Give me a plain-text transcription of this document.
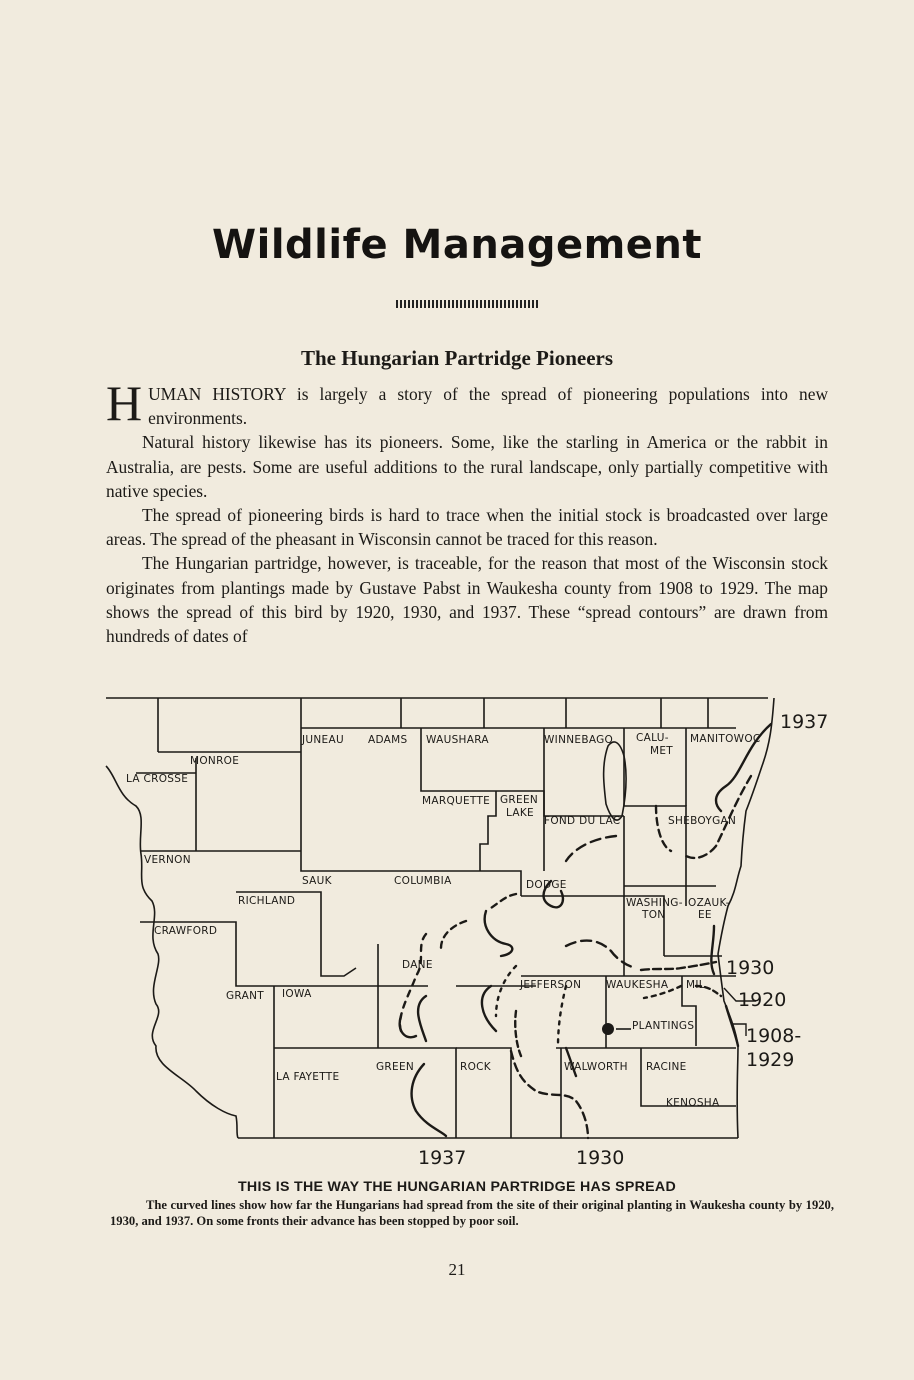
Wildlife Management
The Hungarian Partridge Pioneers

HUMAN HISTORY is largely a story of the spread of pioneering populations into new environments.

Natural history likewise has its pioneers. Some, like the starling in America or the rabbit in Australia, are pests. Some are useful additions to the rural landscape, only partially competitive with native species.

The spread of pioneering birds is hard to trace when the initial stock is broadcasted over large areas. The spread of the pheasant in Wisconsin cannot be traced for this reason.

The Hungarian partridge, however, is traceable, for the reason that most of the Wisconsin stock originates from plantings made by Gustave Pabst in Waukesha county from 1908 to 1929. The map shows the spread of this bird by 1920, 1930, and 1937. These “spread contours” are drawn from hundreds of dates of

MONROE
LA CROSSE
VERNON
CRAWFORD
RICHLAND
GRANT IOWA
LA FAYETTE
JUNEAU ADAMS WAUSHARA
MARQUETTE GREEN
LAKE
SAUK	COLUMBIA
DANE
GREEN	ROCK
WINNEBAGO CALU-
MET
MANITOWOC
FOND DU LAC	SHEBOYGAN
DODGE
WASHING-
TON
OZAUK-
EE
JEFFERSON WAUKESHA MIL.
WALWORTH RACINE
KENOSHA
PLANTINGS
1937
1930
1920
1908-
1929
1937	1930
THIS IS THE WAY THE HUNGARIAN PARTRIDGE HAS SPREAD
The curved lines show how far the Hungarians had spread from the site of their original planting in Waukesha county by 1920, 1930, and 1937. On some fronts their advance has been stopped by poor soil.
21
